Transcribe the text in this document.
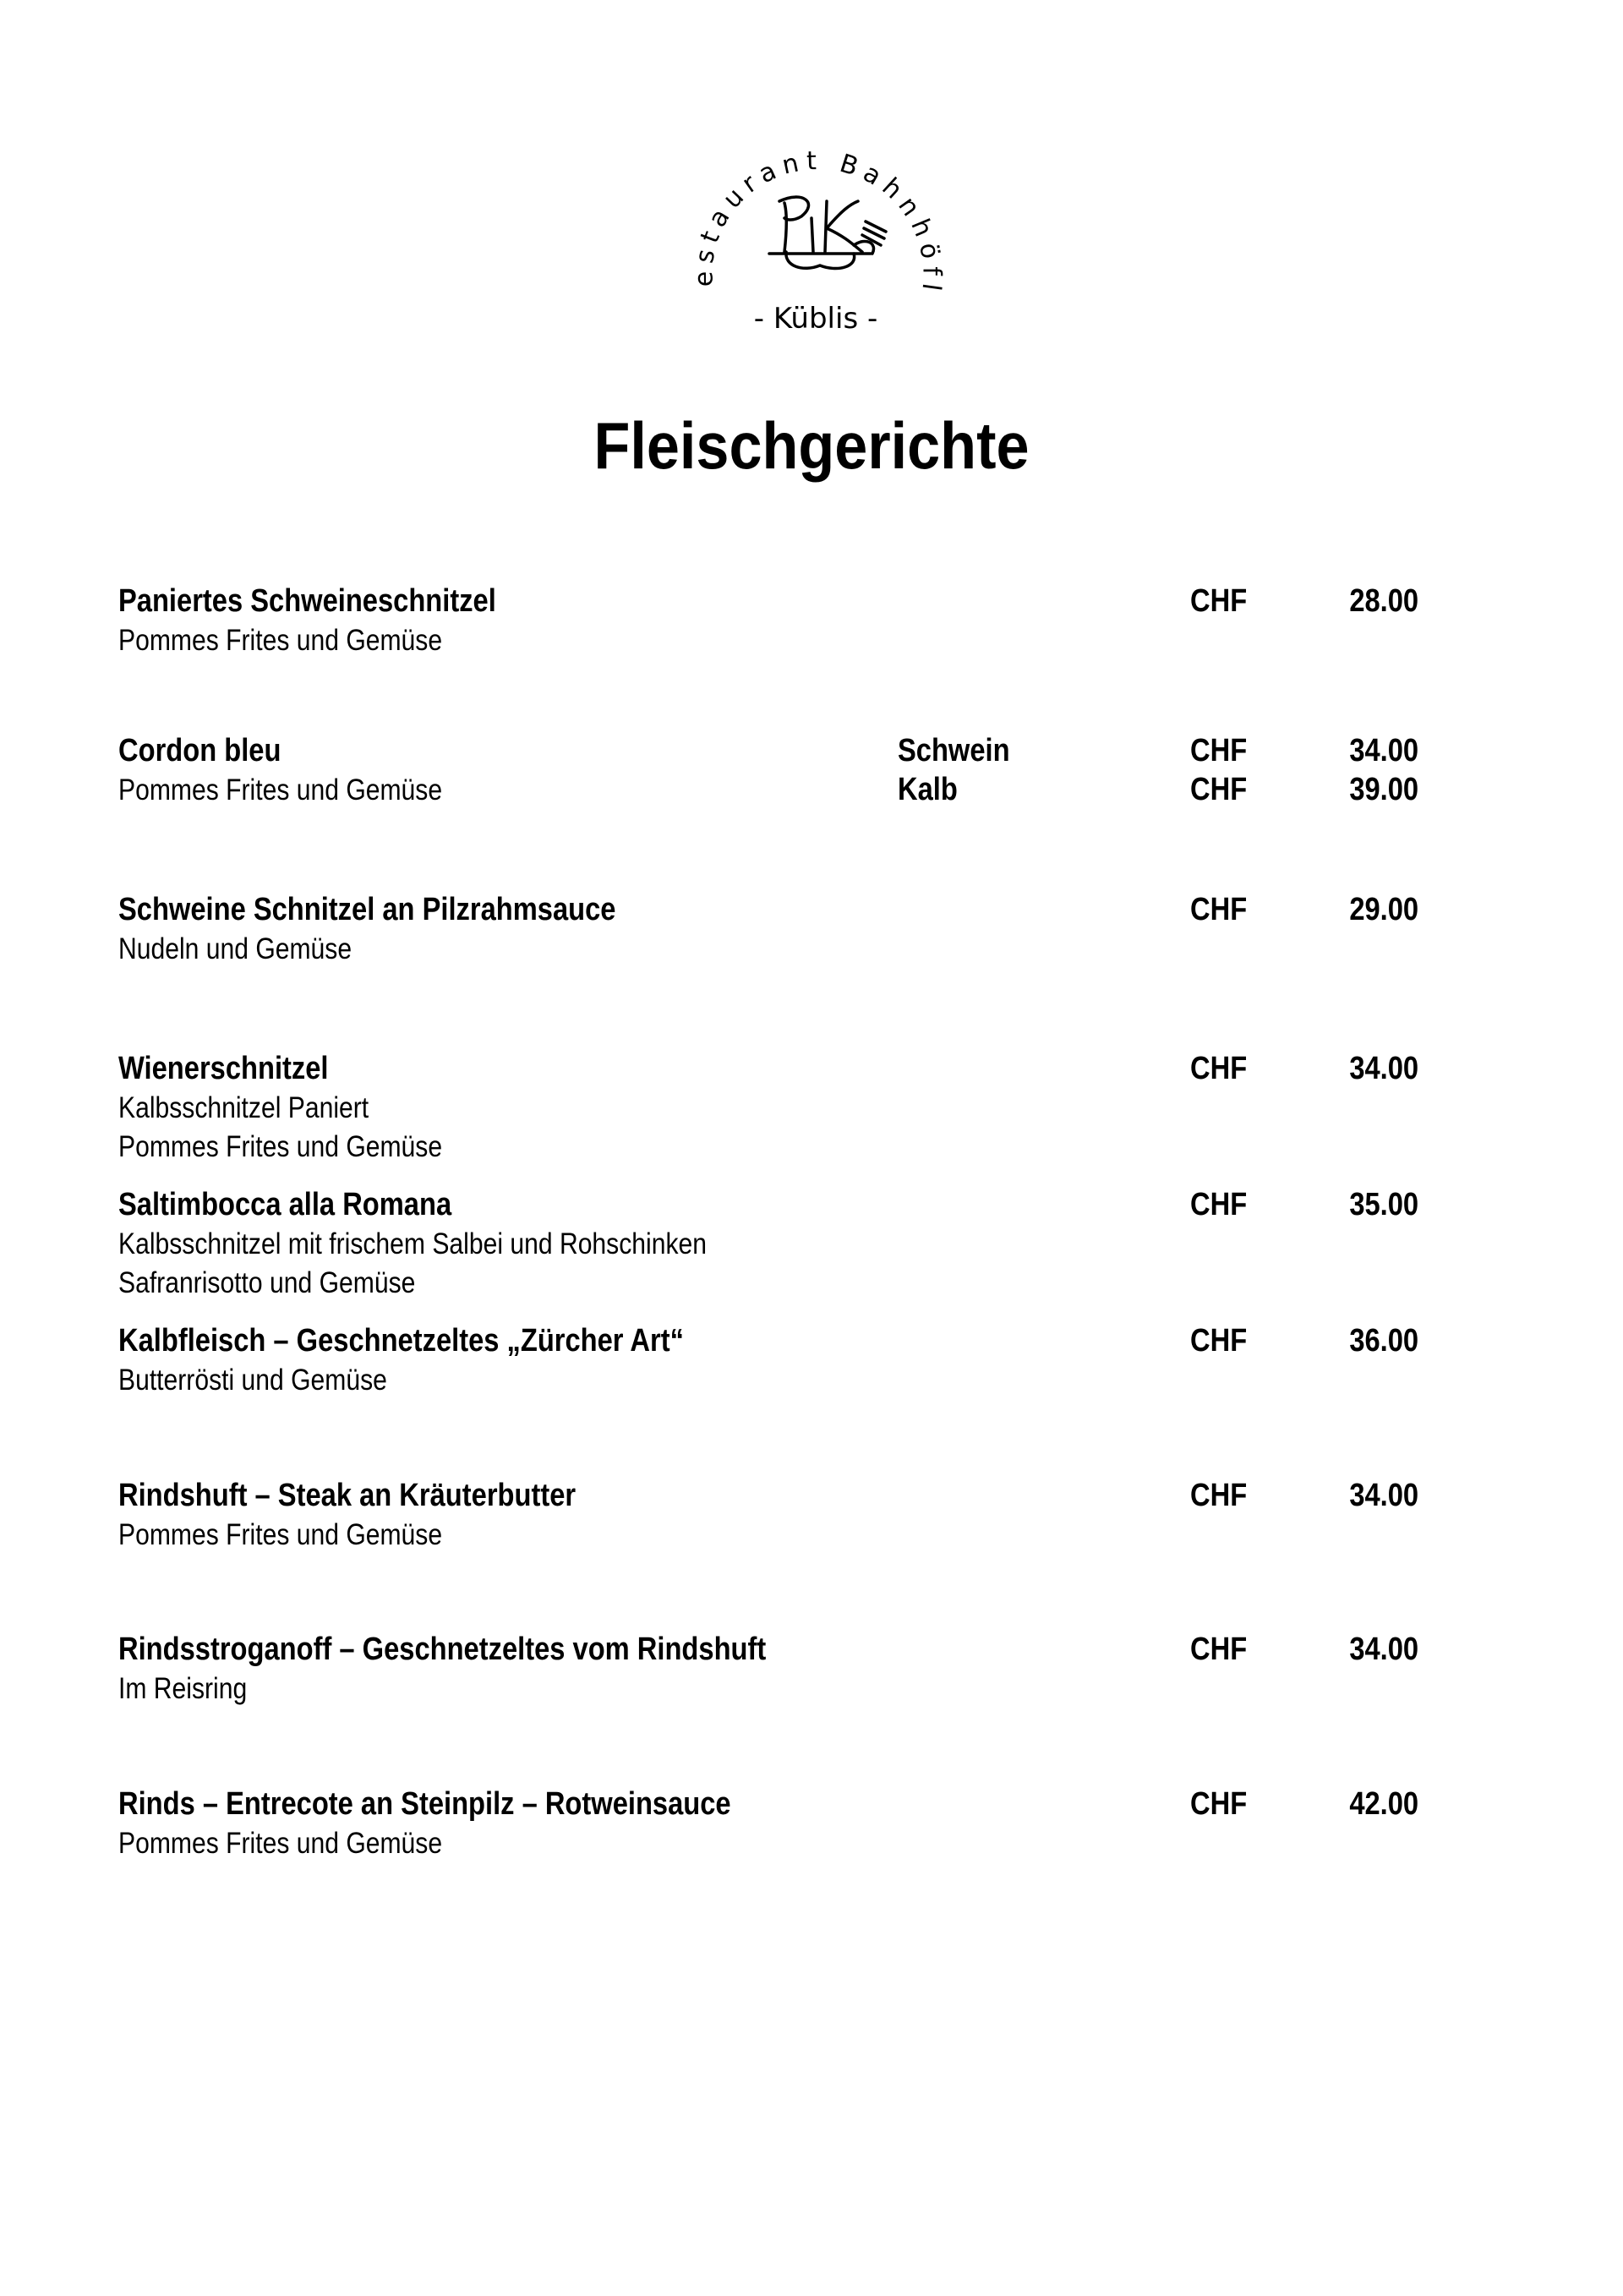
estaurant Bahnhöfl
- Küblis -
Fleischgerichte
Paniertes Schweineschnitzel	CHF	28.00
Pommes Frites und Gemüse
Cordon bleu	Schwein	CHF	34.00
Pommes Frites und Gemüse	Kalb	CHF	39.00
Schweine Schnitzel an Pilzrahmsauce	CHF	29.00
Nudeln und Gemüse
Wienerschnitzel	CHF	34.00
Kalbsschnitzel Paniert
Pommes Frites und Gemüse
Saltimbocca alla Romana	CHF	35.00
Kalbsschnitzel mit frischem Salbei und Rohschinken
Safranrisotto und Gemüse
Kalbfleisch – Geschnetzeltes „Zürcher Art“	CHF	36.00
Butterrösti und Gemüse
Rindshuft – Steak an Kräuterbutter	CHF	34.00
Pommes Frites und Gemüse
Rindsstroganoff – Geschnetzeltes vom Rindshuft	CHF	34.00
Im Reisring
Rinds – Entrecote an Steinpilz – Rotweinsauce	CHF	42.00
Pommes Frites und Gemüse
